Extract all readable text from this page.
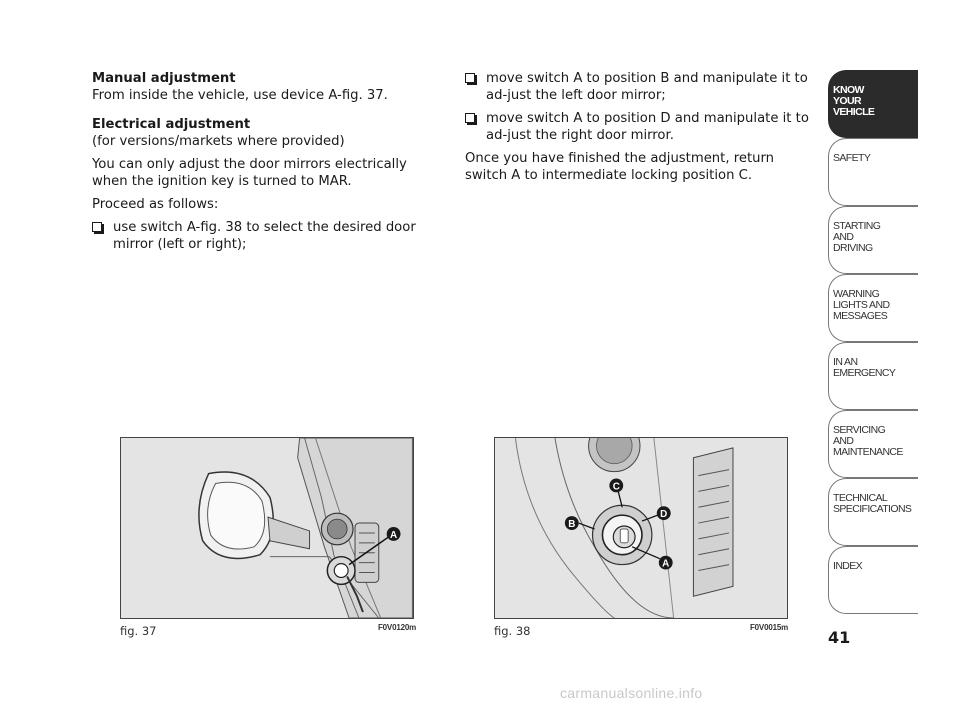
Manual adjustment

From inside the vehicle, use device A-fig. 37.

Electrical adjustment

(for versions/markets where provided)

You can only adjust the door mirrors electrically when the ignition key is turned to MAR.

Proceed as follows:

use switch A-fig. 38 to select the desired door mirror (left or right);
move switch A to position B and manipulate it to ad-just the left door mirror;
move switch A to position D and manipulate it to ad-just the right door mirror.

Once you have finished the adjustment, return switch A to intermediate locking position C.

KNOW
YOUR
VEHICLE
SAFETY
STARTING
AND
DRIVING
WARNING
LIGHTS AND
MESSAGES
IN AN
EMERGENCY
SERVICING
AND
MAINTENANCE
TECHNICAL
SPECIFICATIONS
INDEX
41
A
fig. 37	F0V0120m
C
B
D
A
fig. 38	F0V0015m
carmanualsonline.info
